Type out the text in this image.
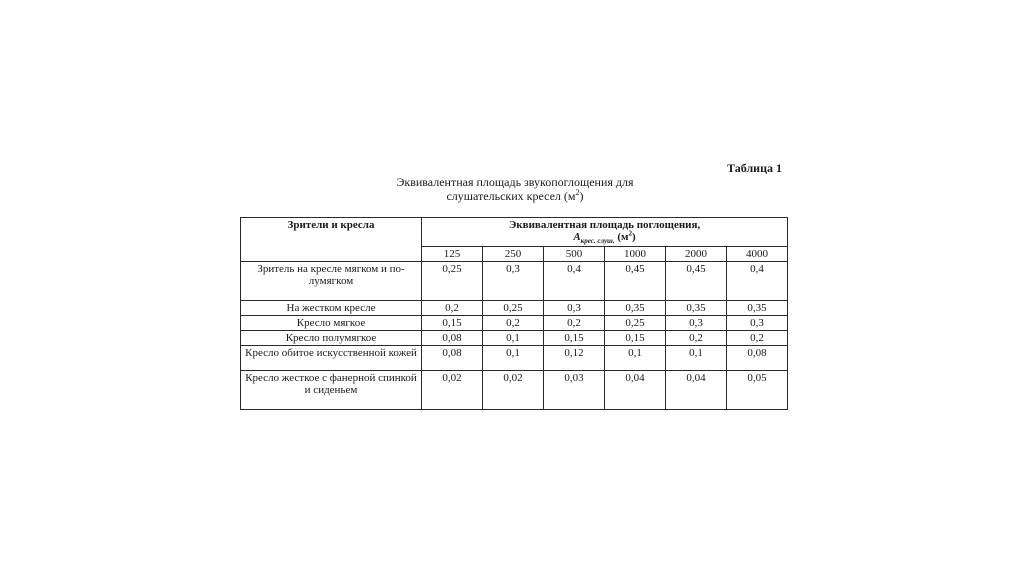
Таблица 1
Эквивалентная площадь звукопоглощения для
слушательских кресел $(м^2)$
Зрители и кресла	Эквивалентная площадь поглощения,
$A_{крес. слуш.}$ $(м^2)$					

	125	250	500	1000	2000	4000
Зритель на кресле мягком и по-лумягком	0,25	0,3	0,4	0,45	0,45	0,4
На жестком кресле	0,2	0,25	0,3	0,35	0,35	0,35
Кресло мягкое	0,15	0,2	0,2	0,25	0,3	0,3
Кресло полумягкое	0,08	0,1	0,15	0,15	0,2	0,2
Кресло обитое искусственной кожей	0,08	0,1	0,12	0,1	0,1	0,08
Кресло жесткое с фанерной спинкой и сиденьем	0,02	0,02	0,03	0,04	0,04	0,05
